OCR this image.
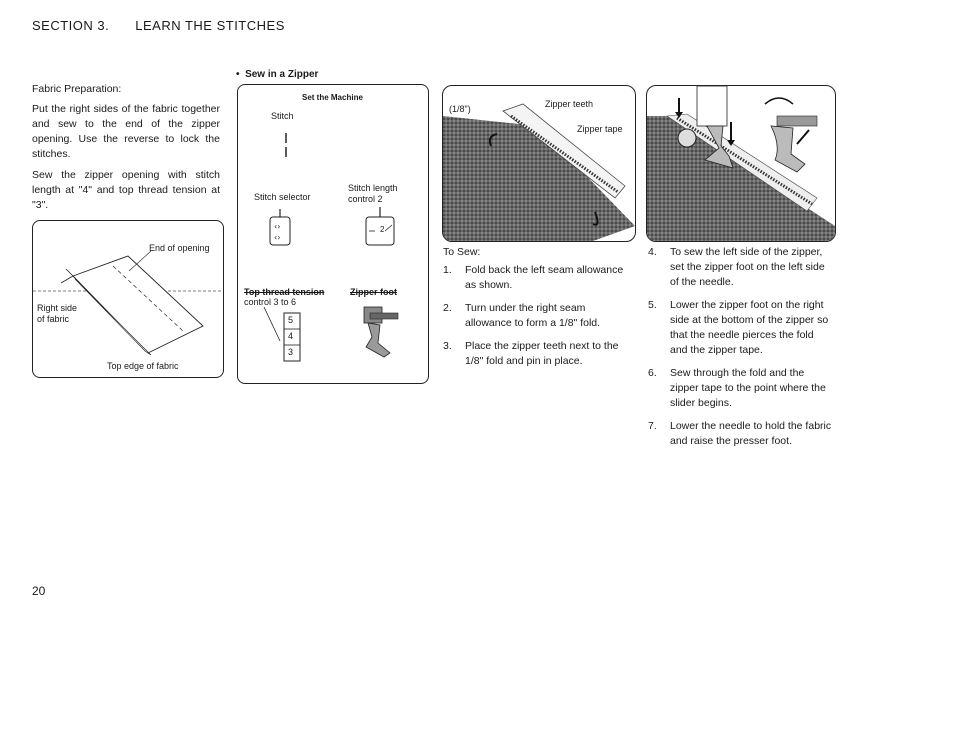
SECTION 3. LEARN THE STITCHES

Fabric Preparation:

Put the right sides of the fabric together and sew to the end of the zipper opening. Use the reverse to lock the stitches.

Sew the zipper opening with stitch length at "4" and top thread tension at "3".

End of opening
Right side
of fabric
Top edge of fabric
• Sew in a Zipper
Set the Machine
Stitch
Stitch selector
Stitch length
control 2
‹›
‹›
2
Top thread tension
control 3 to 6
Zipper foot
5
4
3
(1/8")	Zipper teeth
Zipper tape
To Sew:
1. Fold back the left seam allowance as shown.
2. Turn under the right seam allowance to form a 1/8" fold.
3. Place the zipper teeth next to the 1/8" fold and pin in place.
4. To sew the left side of the zipper, set the zipper foot on the left side of the needle.
5. Lower the zipper foot on the right side at the bottom of the zipper so that the needle pierces the fold and the zipper tape.
6. Sew through the fold and the zipper tape to the point where the slider begins.
7. Lower the needle to hold the fabric and raise the presser foot.
20
